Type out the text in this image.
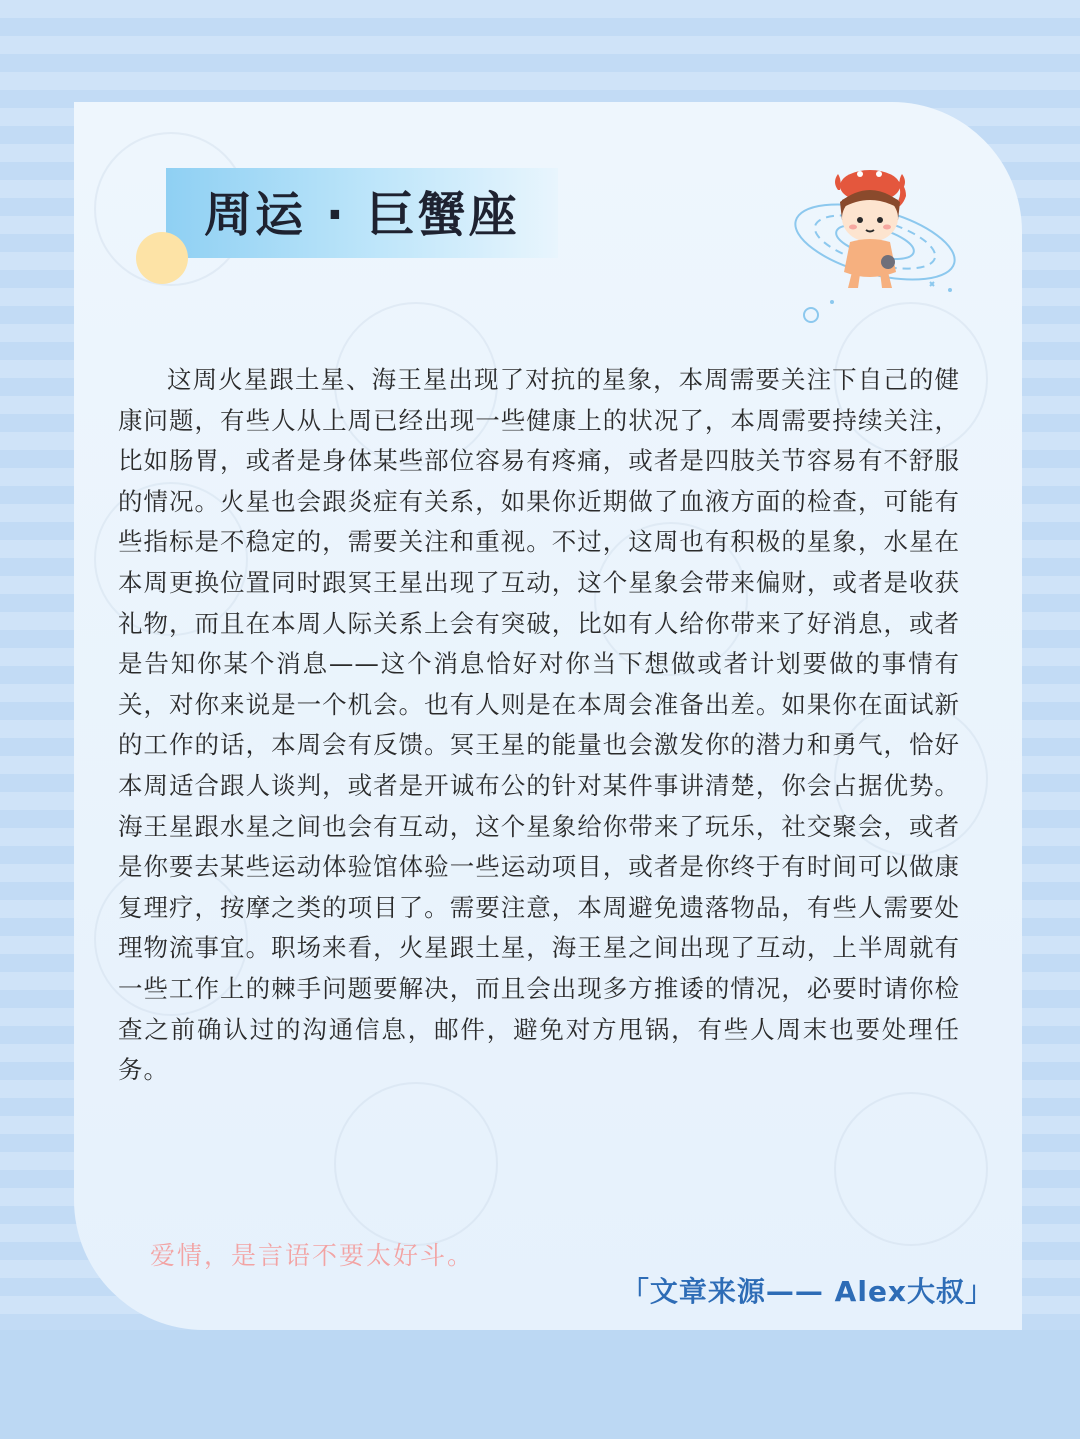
周运 · 巨蟹座

这周火星跟土星、海王星出现了对抗的星象，本周需要关注下自己的健康问题，有些人从上周已经出现一些健康上的状况了，本周需要持续关注，比如肠胃，或者是身体某些部位容易有疼痛，或者是四肢关节容易有不舒服的情况。火星也会跟炎症有关系，如果你近期做了血液方面的检查，可能有些指标是不稳定的，需要关注和重视。不过，这周也有积极的星象，水星在本周更换位置同时跟冥王星出现了互动，这个星象会带来偏财，或者是收获礼物，而且在本周人际关系上会有突破，比如有人给你带来了好消息，或者是告知你某个消息——这个消息恰好对你当下想做或者计划要做的事情有关，对你来说是一个机会。也有人则是在本周会准备出差。如果你在面试新的工作的话，本周会有反馈。冥王星的能量也会激发你的潜力和勇气，恰好本周适合跟人谈判，或者是开诚布公的针对某件事讲清楚，你会占据优势。海王星跟水星之间也会有互动，这个星象给你带来了玩乐，社交聚会，或者是你要去某些运动体验馆体验一些运动项目，或者是你终于有时间可以做康复理疗，按摩之类的项目了。需要注意，本周避免遗落物品，有些人需要处理物流事宜。职场来看，火星跟土星，海王星之间出现了互动，上半周就有一些工作上的棘手问题要解决，而且会出现多方推诿的情况，必要时请你检查之前确认过的沟通信息，邮件，避免对方甩锅，有些人周末也要处理任务。

爱情，是言语不要太好斗。

「文章来源—— Alex大叔」
